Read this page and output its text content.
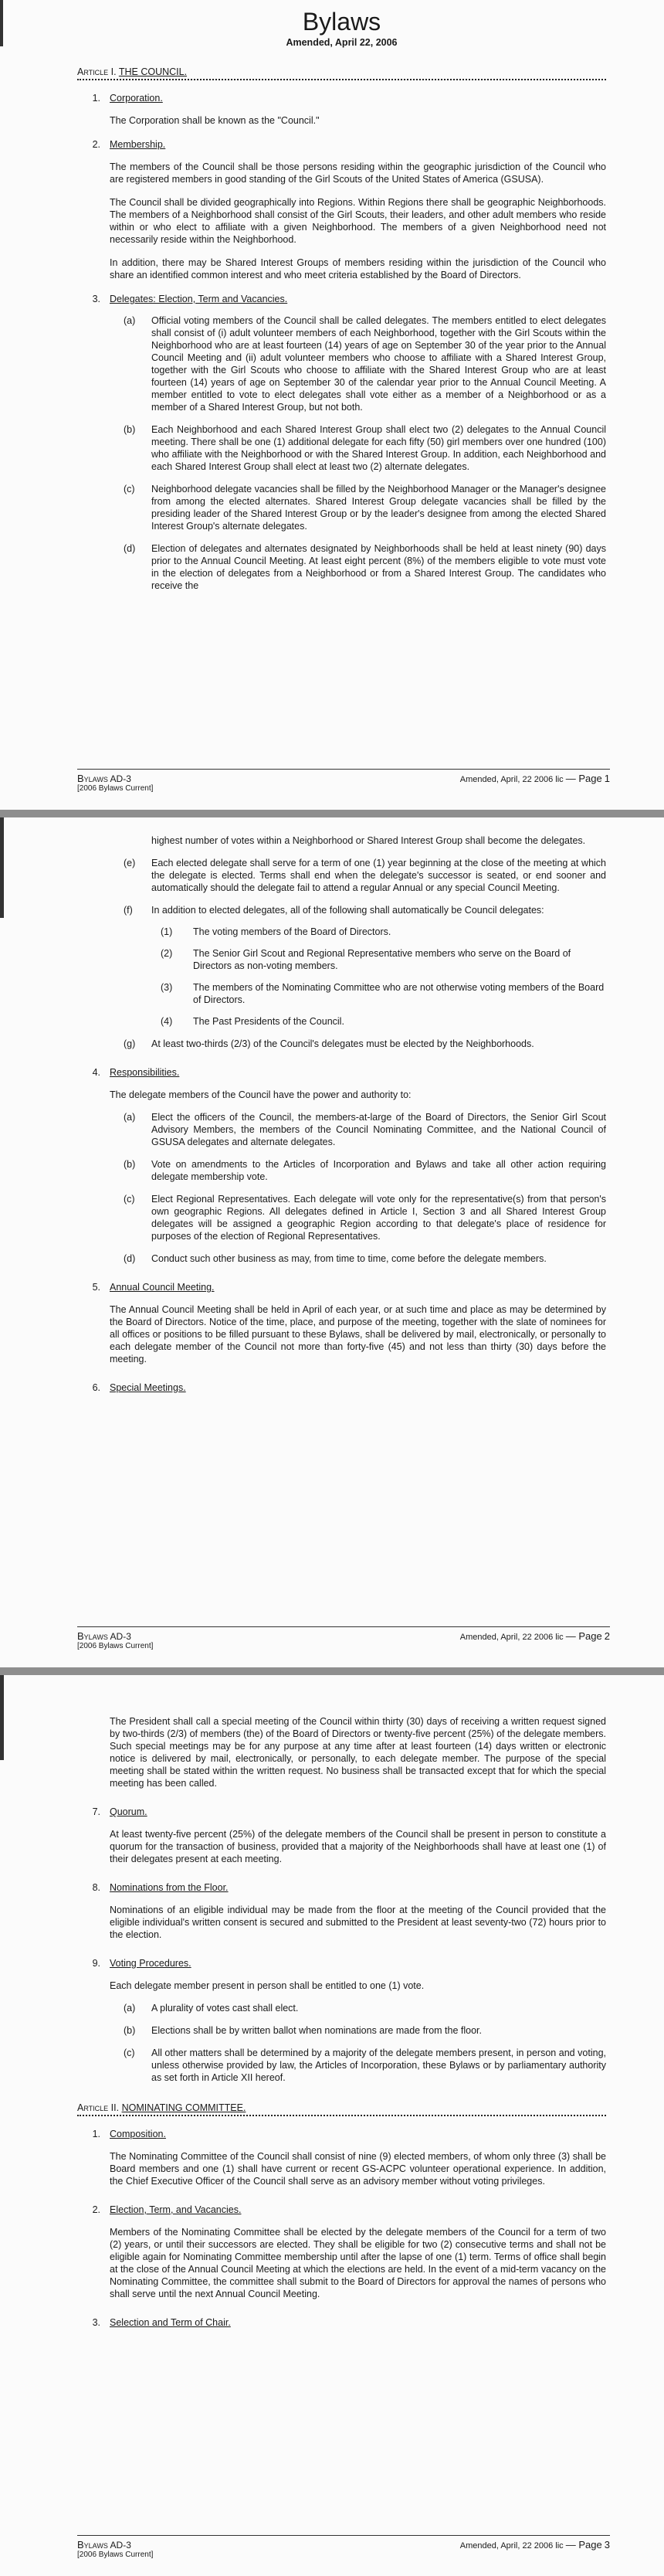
Bylaws
Amended, April 22, 2006
Article I. THE COUNCIL.
1. Corporation.

The Corporation shall be known as the "Council."

2. Membership.

The members of the Council shall be those persons residing within the geographic jurisdiction of the Council who are registered members in good standing of the Girl Scouts of the United States of America (GSUSA).

The Council shall be divided geographically into Regions. Within Regions there shall be geographic Neighborhoods. The members of a Neighborhood shall consist of the Girl Scouts, their leaders, and other adult members who reside within or who elect to affiliate with a given Neighborhood. The members of a given Neighborhood need not necessarily reside within the Neighborhood.

In addition, there may be Shared Interest Groups of members residing within the jurisdiction of the Council who share an identified common interest and who meet criteria established by the Board of Directors.

3. Delegates: Election, Term and Vacancies.
(a) Official voting members of the Council shall be called delegates. The members entitled to elect delegates shall consist of (i) adult volunteer members of each Neighborhood, together with the Girl Scouts within the Neighborhood who are at least fourteen (14) years of age on September 30 of the year prior to the Annual Council Meeting and (ii) adult volunteer members who choose to affiliate with a Shared Interest Group, together with the Girl Scouts who choose to affiliate with the Shared Interest Group who are at least fourteen (14) years of age on September 30 of the calendar year prior to the Annual Council Meeting. A member entitled to vote to elect delegates shall vote either as a member of a Neighborhood or as a member of a Shared Interest Group, but not both.
(b) Each Neighborhood and each Shared Interest Group shall elect two (2) delegates to the Annual Council meeting. There shall be one (1) additional delegate for each fifty (50) girl members over one hundred (100) who affiliate with the Neighborhood or with the Shared Interest Group. In addition, each Neighborhood and each Shared Interest Group shall elect at least two (2) alternate delegates.
(c) Neighborhood delegate vacancies shall be filled by the Neighborhood Manager or the Manager's designee from among the elected alternates. Shared Interest Group delegate vacancies shall be filled by the presiding leader of the Shared Interest Group or by the leader's designee from among the elected Shared Interest Group's alternate delegates.
(d) Election of delegates and alternates designated by Neighborhoods shall be held at least ninety (90) days prior to the Annual Council Meeting. At least eight percent (8%) of the members eligible to vote must vote in the election of delegates from a Neighborhood or from a Shared Interest Group. The candidates who receive the
Bylaws AD-3
[2006 Bylaws Current]
Amended, April, 22 2006 lic — Page 1
highest number of votes within a Neighborhood or Shared Interest Group shall become the delegates.
(e) Each elected delegate shall serve for a term of one (1) year beginning at the close of the meeting at which the delegate is elected. Terms shall end when the delegate's successor is seated, or end sooner and automatically should the delegate fail to attend a regular Annual or any special Council Meeting.
(f) In addition to elected delegates, all of the following shall automatically be Council delegates:
(1) The voting members of the Board of Directors.
(2) The Senior Girl Scout and Regional Representative members who serve on the Board of Directors as non-voting members.
(3) The members of the Nominating Committee who are not otherwise voting members of the Board of Directors.
(4) The Past Presidents of the Council.
(g) At least two-thirds (2/3) of the Council's delegates must be elected by the Neighborhoods.
4. Responsibilities.

The delegate members of the Council have the power and authority to:

(a) Elect the officers of the Council, the members-at-large of the Board of Directors, the Senior Girl Scout Advisory Members, the members of the Council Nominating Committee, and the National Council of GSUSA delegates and alternate delegates.
(b) Vote on amendments to the Articles of Incorporation and Bylaws and take all other action requiring delegate membership vote.
(c) Elect Regional Representatives. Each delegate will vote only for the representative(s) from that person's own geographic Regions. All delegates defined in Article I, Section 3 and all Shared Interest Group delegates will be assigned a geographic Region according to that delegate's place of residence for purposes of the election of Regional Representatives.
(d) Conduct such other business as may, from time to time, come before the delegate members.
5. Annual Council Meeting.

The Annual Council Meeting shall be held in April of each year, or at such time and place as may be determined by the Board of Directors. Notice of the time, place, and purpose of the meeting, together with the slate of nominees for all offices or positions to be filled pursuant to these Bylaws, shall be delivered by mail, electronically, or personally to each delegate member of the Council not more than forty-five (45) and not less than thirty (30) days before the meeting.

6. Special Meetings.
Bylaws AD-3
[2006 Bylaws Current]
Amended, April, 22 2006 lic — Page 2

The President shall call a special meeting of the Council within thirty (30) days of receiving a written request signed by two-thirds (2/3) of members (the) of the Board of Directors or twenty-five percent (25%) of the delegate members. Such special meetings may be for any purpose at any time after at least fourteen (14) days written or electronic notice is delivered by mail, electronically, or personally, to each delegate member. The purpose of the special meeting shall be stated within the written request. No business shall be transacted except that for which the special meeting has been called.

7. Quorum.

At least twenty-five percent (25%) of the delegate members of the Council shall be present in person to constitute a quorum for the transaction of business, provided that a majority of the Neighborhoods shall have at least one (1) of their delegates present at each meeting.

8. Nominations from the Floor.

Nominations of an eligible individual may be made from the floor at the meeting of the Council provided that the eligible individual's written consent is secured and submitted to the President at least seventy-two (72) hours prior to the election.

9. Voting Procedures.

Each delegate member present in person shall be entitled to one (1) vote.

(a) A plurality of votes cast shall elect.
(b) Elections shall be by written ballot when nominations are made from the floor.
(c) All other matters shall be determined by a majority of the delegate members present, in person and voting, unless otherwise provided by law, the Articles of Incorporation, these Bylaws or by parliamentary authority as set forth in Article XII hereof.
Article II. NOMINATING COMMITTEE.
1. Composition.

The Nominating Committee of the Council shall consist of nine (9) elected members, of whom only three (3) shall be Board members and one (1) shall have current or recent GS-ACPC volunteer operational experience. In addition, the Chief Executive Officer of the Council shall serve as an advisory member without voting privileges.

2. Election, Term, and Vacancies.

Members of the Nominating Committee shall be elected by the delegate members of the Council for a term of two (2) years, or until their successors are elected. They shall be eligible for two (2) consecutive terms and shall not be eligible again for Nominating Committee membership until after the lapse of one (1) term. Terms of office shall begin at the close of the Annual Council Meeting at which the elections are held. In the event of a mid-term vacancy on the Nominating Committee, the committee shall submit to the Board of Directors for approval the names of persons who shall serve until the next Annual Council Meeting.

3. Selection and Term of Chair.
Bylaws AD-3
[2006 Bylaws Current]
Amended, April, 22 2006 lic — Page 3
